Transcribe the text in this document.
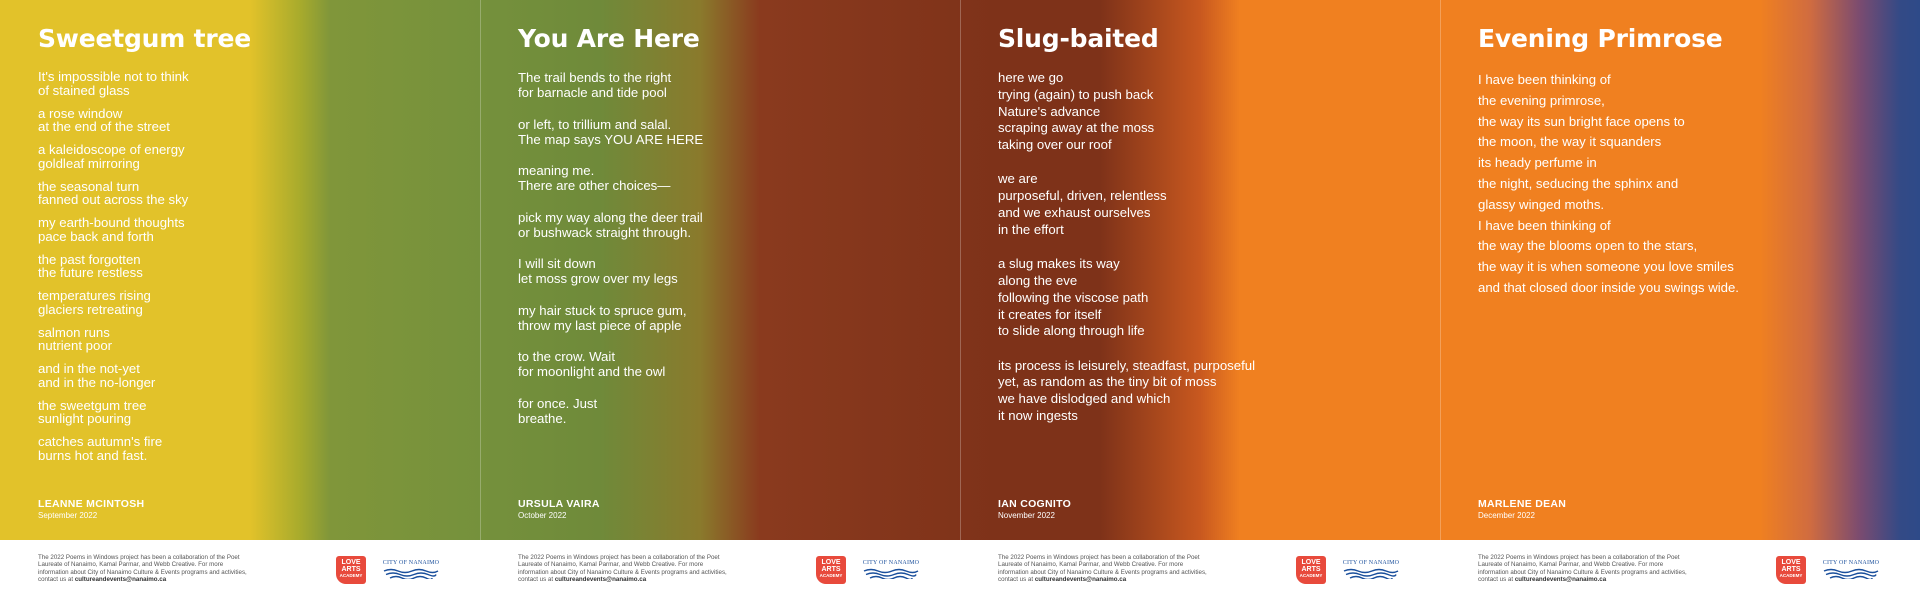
Sweetgum tree

It's impossible not to think
of stained glass

a rose window
at the end of the street

a kaleidoscope of energy
goldleaf mirroring

the seasonal turn
fanned out across the sky

my earth-bound thoughts
pace back and forth

the past forgotten
the future restless

temperatures rising
glaciers retreating

salmon runs
nutrient poor

and in the not-yet
and in the no-longer

the sweetgum tree
sunlight pouring

catches autumn's fire
burns hot and fast.

LEANNE MCINTOSH
September 2022
The 2022 Poems in Windows project has been a collaboration of the Poet Laureate of Nanaimo, Kamal Parmar, and Webb Creative. For more information about City of Nanaimo Culture & Events programs and activities, contact us at cultureandevents@nanaimo.ca
LOVE
ARTS
ACADEMY
CITY OF NANAIMO
You Are Here

The trail bends to the right
for barnacle and tide pool

or left, to trillium and salal.
The map says YOU ARE HERE

meaning me.
There are other choices—

pick my way along the deer trail
or bushwack straight through.

I will sit down
let moss grow over my legs

my hair stuck to spruce gum,
throw my last piece of apple

to the crow. Wait
for moonlight and the owl

for once. Just
breathe.

URSULA VAIRA
October 2022
The 2022 Poems in Windows project has been a collaboration of the Poet Laureate of Nanaimo, Kamal Parmar, and Webb Creative. For more information about City of Nanaimo Culture & Events programs and activities, contact us at cultureandevents@nanaimo.ca
LOVE
ARTS
ACADEMY
CITY OF NANAIMO
Slug-baited

here we go
trying (again) to push back
Nature's advance
scraping away at the moss
taking over our roof

we are
purposeful, driven, relentless
and we exhaust ourselves
in the effort

a slug makes its way
along the eve
following the viscose path
it creates for itself
to slide along through life

its process is leisurely, steadfast, purposeful
yet, as random as the tiny bit of moss
we have dislodged and which
it now ingests

IAN COGNITO
November 2022
The 2022 Poems in Windows project has been a collaboration of the Poet Laureate of Nanaimo, Kamal Parmar, and Webb Creative. For more information about City of Nanaimo Culture & Events programs and activities, contact us at cultureandevents@nanaimo.ca
LOVE
ARTS
ACADEMY
CITY OF NANAIMO
Evening Primrose

I have been thinking of
the evening primrose,
the way its sun bright face opens to
the moon, the way it squanders
its heady perfume in
the night, seducing the sphinx and
glassy winged moths.
I have been thinking of
the way the blooms open to the stars,
the way it is when someone you love smiles
and that closed door inside you swings wide.

MARLENE DEAN
December 2022
The 2022 Poems in Windows project has been a collaboration of the Poet Laureate of Nanaimo, Kamal Parmar, and Webb Creative. For more information about City of Nanaimo Culture & Events programs and activities, contact us at cultureandevents@nanaimo.ca
LOVE
ARTS
ACADEMY
CITY OF NANAIMO
